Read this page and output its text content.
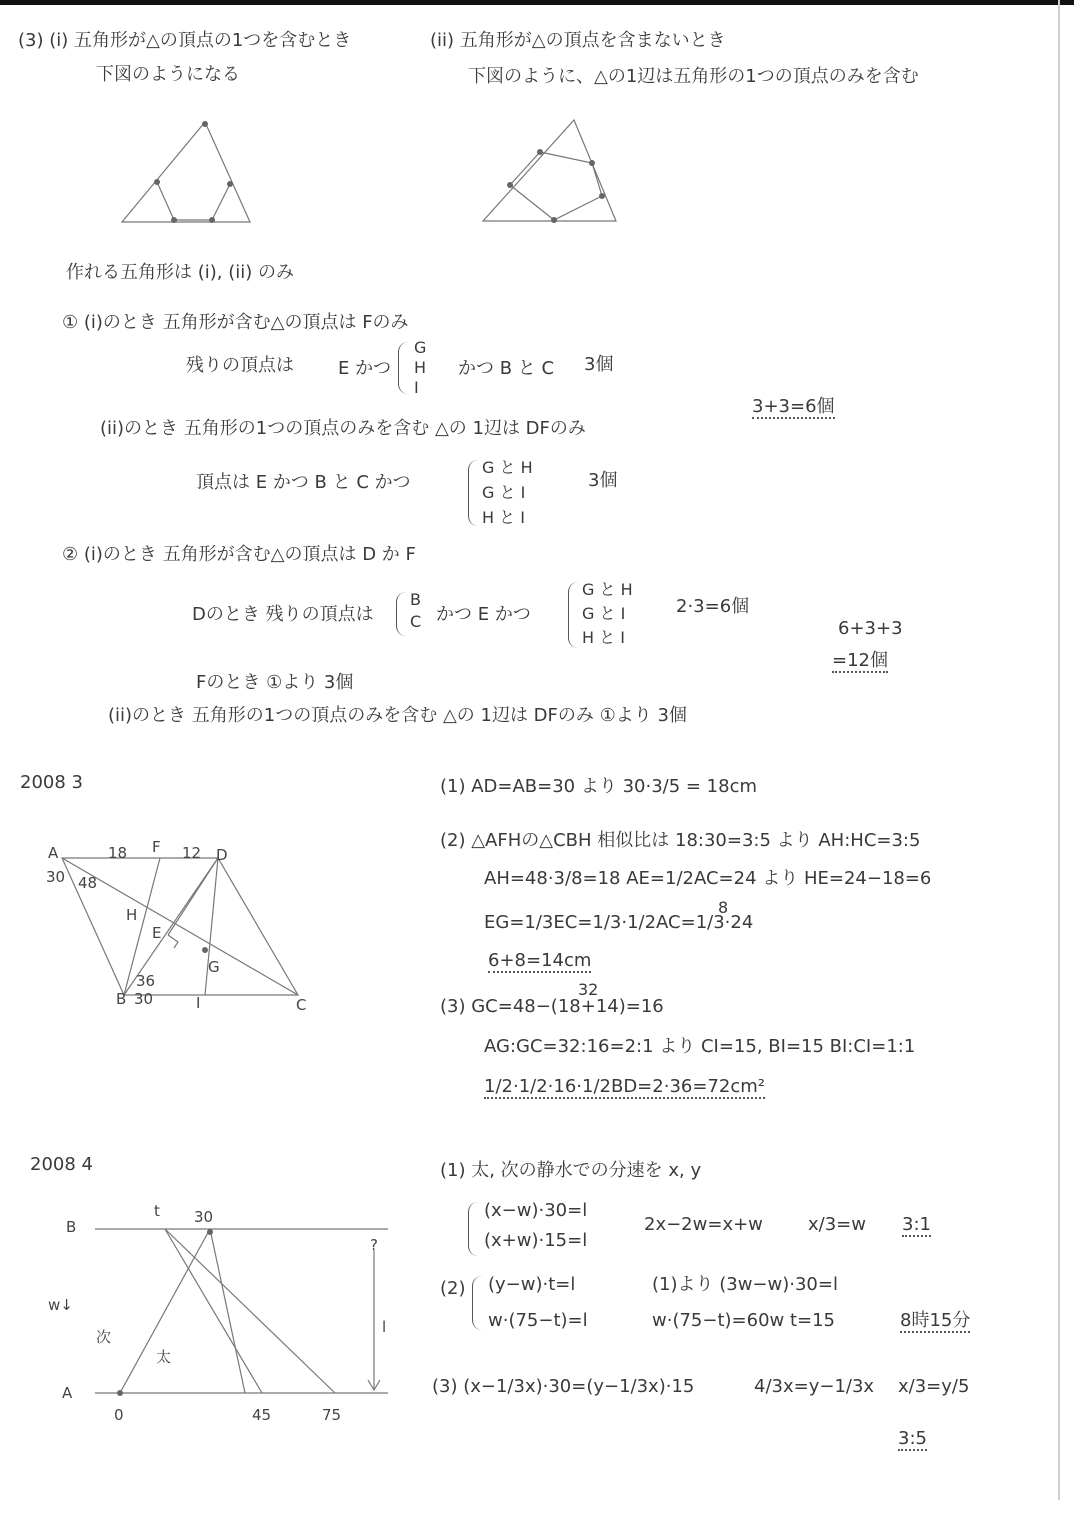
(3) (i) 五角形が△の頂点の1つを含むとき
下図のようになる
(ii) 五角形が△の頂点を含まないとき
下図のように、△の1辺は五角形の1つの頂点のみを含む
作れる五角形は (i), (ii) のみ
① (i)のとき 五角形が含む△の頂点は Fのみ
残りの頂点は E かつ
G
H
I
かつ B と C 3個
(ii)のとき 五角形の1つの頂点のみを含む △の 1辺は DFのみ
3+3=6個
頂点は E かつ B と C かつ
G と H
G と I
H と I
3個
② (i)のとき 五角形が含む△の頂点は D か F
Dのとき 残りの頂点は
B
C かつ E かつ
G と H
G と I
H と I
2·3=6個
6+3+3
=12個
Fのとき ①より 3個
(ii)のとき 五角形の1つの頂点のみを含む △の 1辺は DFのみ ①より 3個
2008 3
A	18 F 12 D
30 48
H
E
G
36
B 30	I	C
(1) AD=AB=30 より 30·3/5 = 18cm
(2) △AFHの△CBH 相似比は 18:30=3:5 より AH:HC=3:5
AH=48·3/8=18 AE=1/2AC=24 より HE=24−18=6
8
EG=1/3EC=1/3·1/2AC=1/3·24
6+8=14cm
32
(3) GC=48−(18+14)=16
AG:GC=32:16=2:1 より CI=15, BI=15 BI:CI=1:1
1/2·1/2·16·1/2BD=2·36=72cm²
2008 4
B
t 30
w↓
次
太
?
l
A
0	45	75
(1) 太, 次の静水での分速を x, y
(x−w)·30=l
(x+w)·15=l
2x−2w=x+w	x/3=w 3:1
(2) (y−w)·t=l
w·(75−t)=l
(1)より (3w−w)·30=l
w·(75−t)=60w t=15	8時15分
(3) (x−1/3x)·30=(y−1/3x)·15	4/3x=y−1/3x x/3=y/5
3:5
